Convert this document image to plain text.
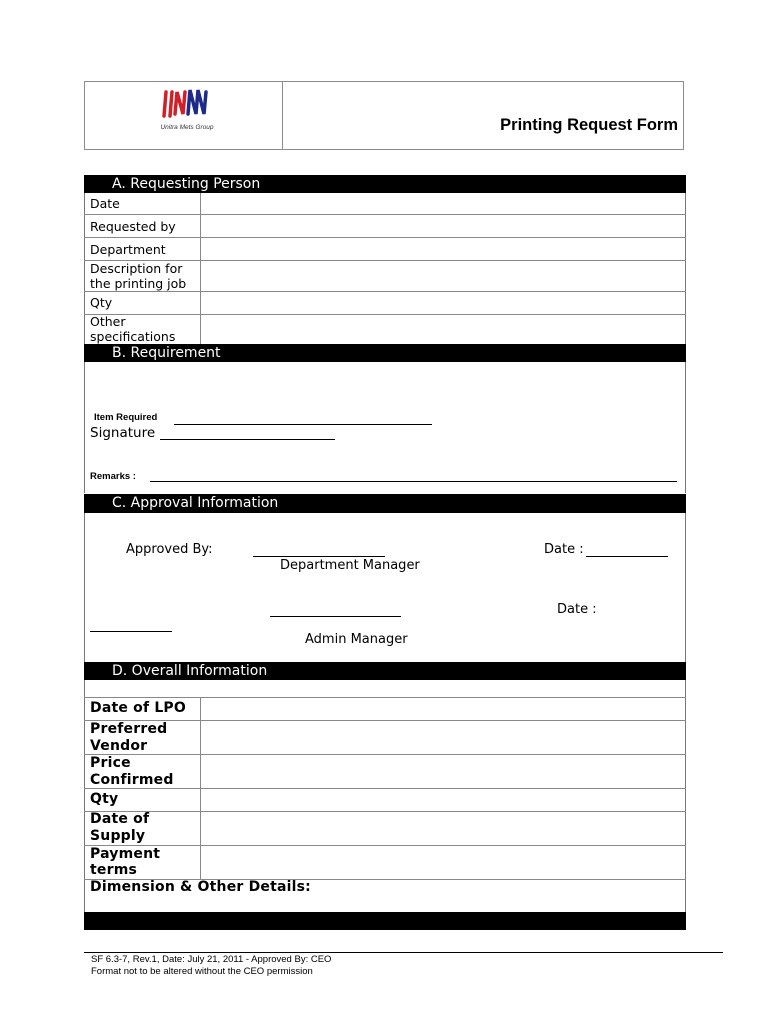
Unitra Mets Group	Printing Request Form
A. Requesting Person
Date
Requested by
Department
Description for
the printing job
Qty
Other
specifications
B. Requirement
Item Required
Signature
Remarks :
C. Approval Information
Approved By:	Date :
Department Manager
Date :
Admin Manager
D. Overall Information
Date of LPO
Preferred
Vendor
Price
Confirmed
Qty
Date of
Supply
Payment
terms
Dimension & Other Details:
SF 6.3-7, Rev.1, Date: July 21, 2011 - Approved By: CEO
Format not to be altered without the CEO permission
